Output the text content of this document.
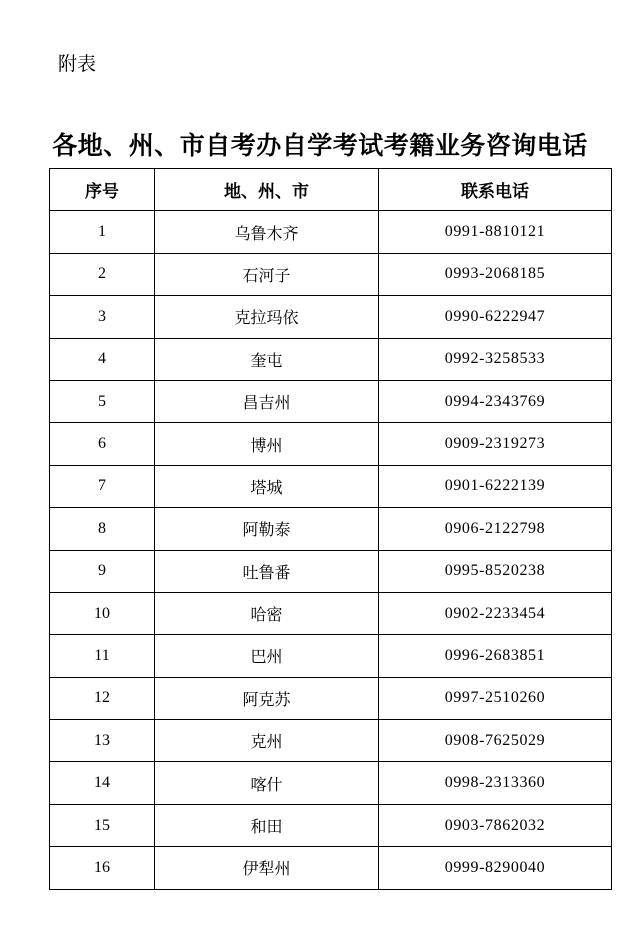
附表
各地、州、市自考办自学考试考籍业务咨询电话
序号	地、州、市	联系电话
1	乌鲁木齐	0991-8810121
2	石河子	0993-2068185
3	克拉玛依	0990-6222947
4	奎屯	0992-3258533
5	昌吉州	0994-2343769
6	博州	0909-2319273
7	塔城	0901-6222139
8	阿勒泰	0906-2122798
9	吐鲁番	0995-8520238
10	哈密	0902-2233454
11	巴州	0996-2683851
12	阿克苏	0997-2510260
13	克州	0908-7625029
14	喀什	0998-2313360
15	和田	0903-7862032
16	伊犁州	0999-8290040
